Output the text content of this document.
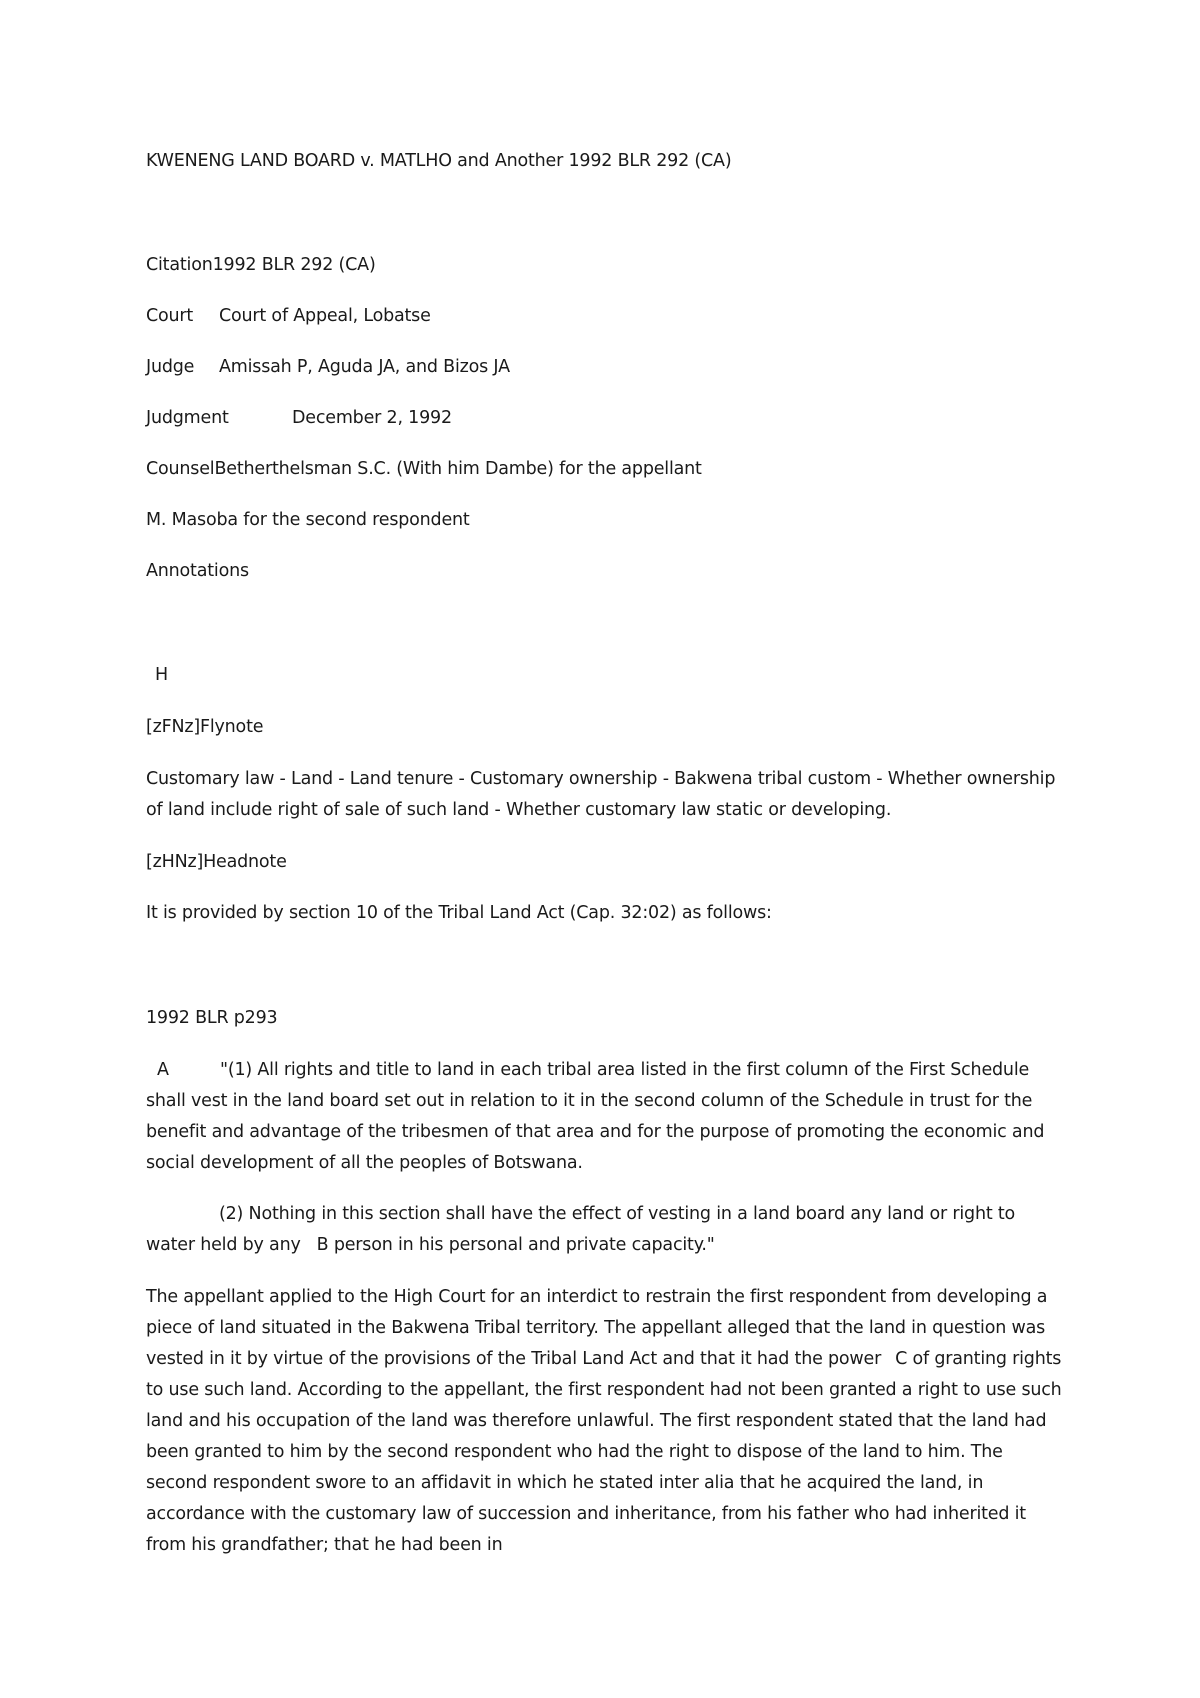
KWENENG LAND BOARD v. MATLHO and Another 1992 BLR 292 (CA)
Citation1992 BLR 292 (CA)
Court Court of Appeal, Lobatse
Judge Amissah P, Aguda JA, and Bizos JA
Judgment	December 2, 1992
CounselBetherthelsman S.C. (With him Dambe) for the appellant
M. Masoba for the second respondent
Annotations
H
[zFNz]Flynote
Customary law - Land - Land tenure - Customary ownership - Bakwena tribal custom - Whether ownership of land include right of sale of such land - Whether customary law static or developing.
[zHNz]Headnote
It is provided by section 10 of the Tribal Land Act (Cap. 32:02) as follows:
1992 BLR p293
"(1) All rights and title to land in each tribal area listed in the first column of the First Schedule shall vest in the land board set out in relation to it in the second column of the Schedule in trust for the benefit and advantage of the tribesmen of that area and for the purpose of promoting the economic and social development of all the peoples of Botswana.
A
(2) Nothing in this section shall have the effect of vesting in a land board any land or right to water held by any B person in his personal and private capacity."
The appellant applied to the High Court for an interdict to restrain the first respondent from developing a piece of land situated in the Bakwena Tribal territory. The appellant alleged that the land in question was vested in it by virtue of the provisions of the Tribal Land Act and that it had the power C of granting rights to use such land. According to the appellant, the first respondent had not been granted a right to use such land and his occupation of the land was therefore unlawful. The first respondent stated that the land had been granted to him by the second respondent who had the right to dispose of the land to him. The second respondent swore to an affidavit in which he stated inter alia that he acquired the land, in accordance with the customary law of succession and inheritance, from his father who had inherited it from his grandfather; that he had been in
